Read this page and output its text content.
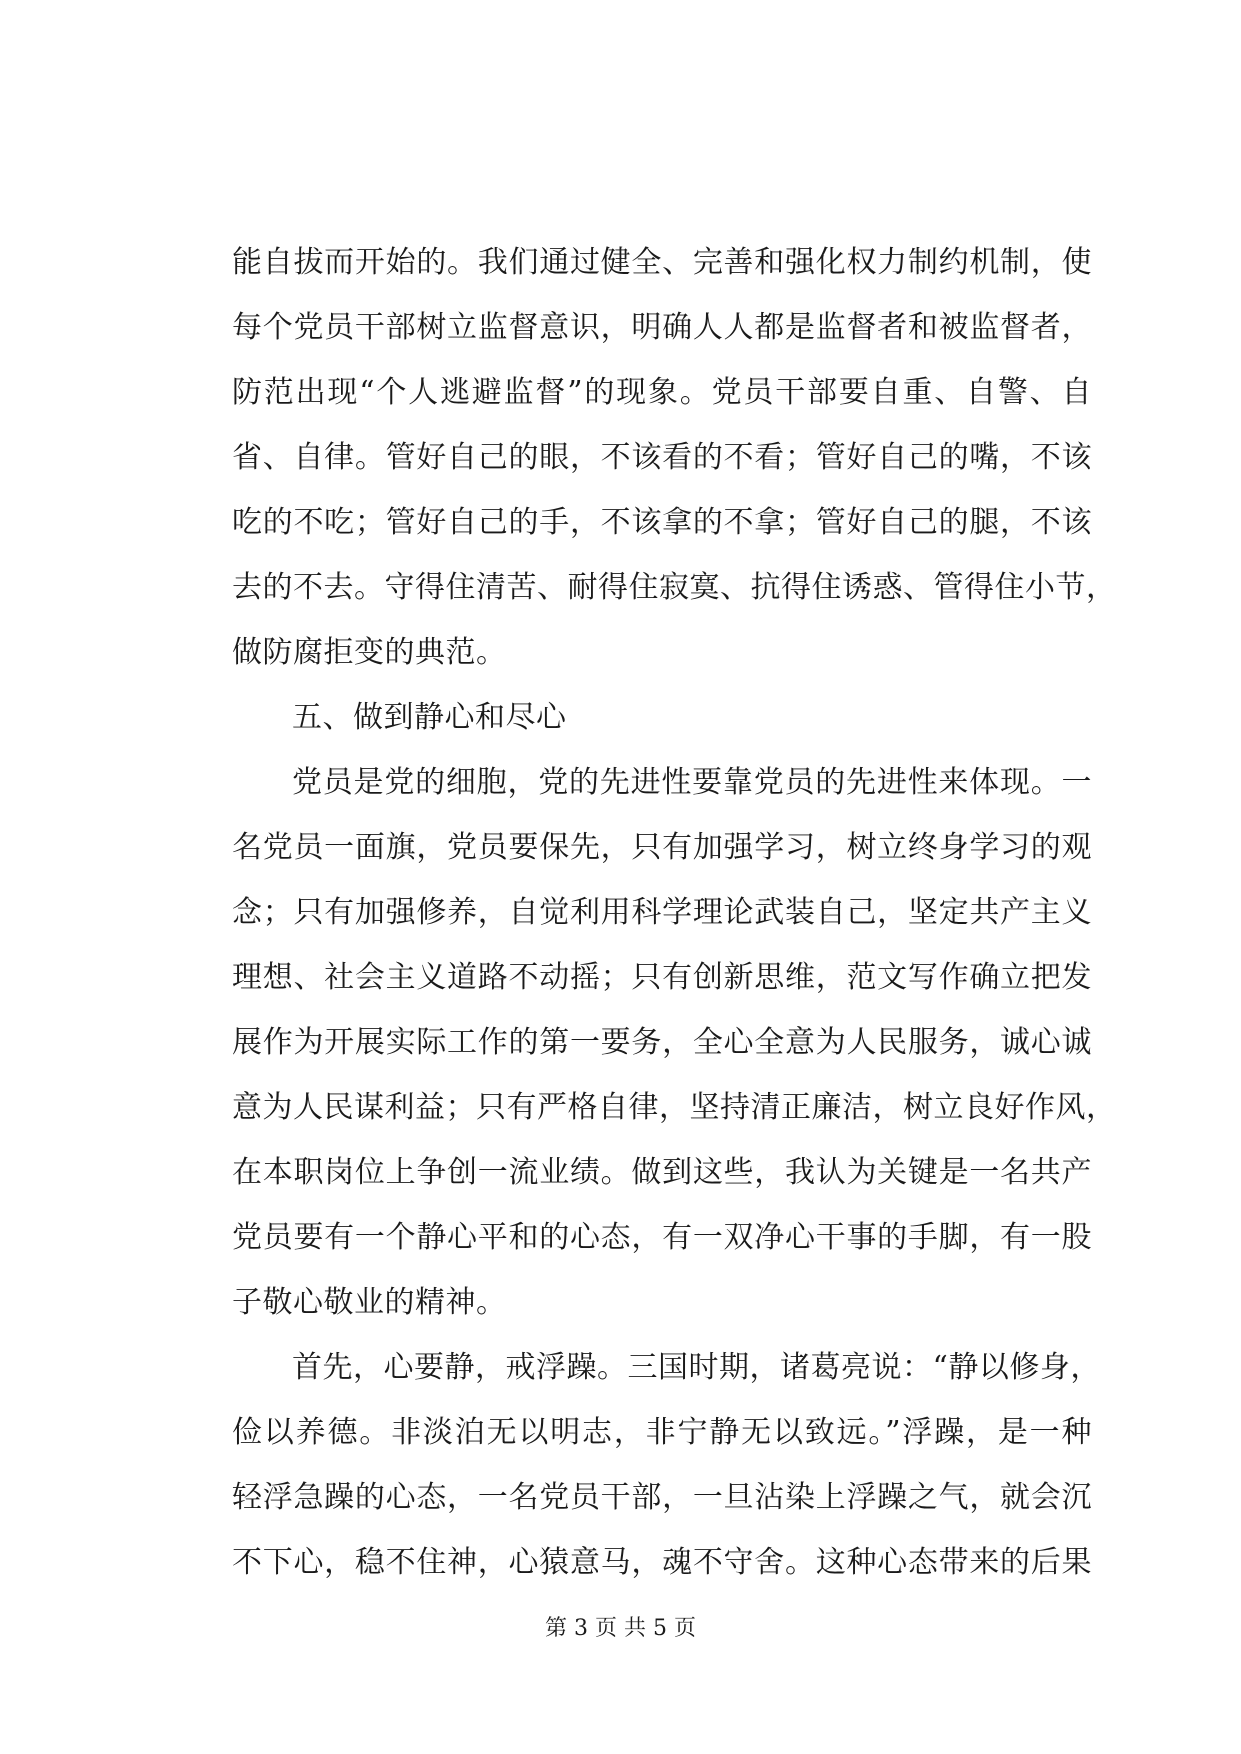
能自拔而开始的。我们通过健全、完善和强化权力制约机制，使
每个党员干部树立监督意识，明确人人都是监督者和被监督者，
防范出现“个人逃避监督”的现象。党员干部要自重、自警、自
省、自律。管好自己的眼，不该看的不看；管好自己的嘴，不该
吃的不吃；管好自己的手，不该拿的不拿；管好自己的腿，不该
去的不去。守得住清苦、耐得住寂寞、抗得住诱惑、管得住小节，
做防腐拒变的典范。
五、做到静心和尽心
党员是党的细胞，党的先进性要靠党员的先进性来体现。一
名党员一面旗，党员要保先，只有加强学习，树立终身学习的观
念；只有加强修养，自觉利用科学理论武装自己，坚定共产主义
理想、社会主义道路不动摇；只有创新思维，范文写作确立把发
展作为开展实际工作的第一要务，全心全意为人民服务，诚心诚
意为人民谋利益；只有严格自律，坚持清正廉洁，树立良好作风，
在本职岗位上争创一流业绩。做到这些，我认为关键是一名共产
党员要有一个静心平和的心态，有一双净心干事的手脚，有一股
子敬心敬业的精神。
首先，心要静，戒浮躁。三国时期，诸葛亮说：“静以修身，
俭以养德。非淡泊无以明志，非宁静无以致远。”浮躁，是一种
轻浮急躁的心态，一名党员干部，一旦沾染上浮躁之气，就会沉
不下心，稳不住神，心猿意马，魂不守舍。这种心态带来的后果
第 3 页 共 5 页
